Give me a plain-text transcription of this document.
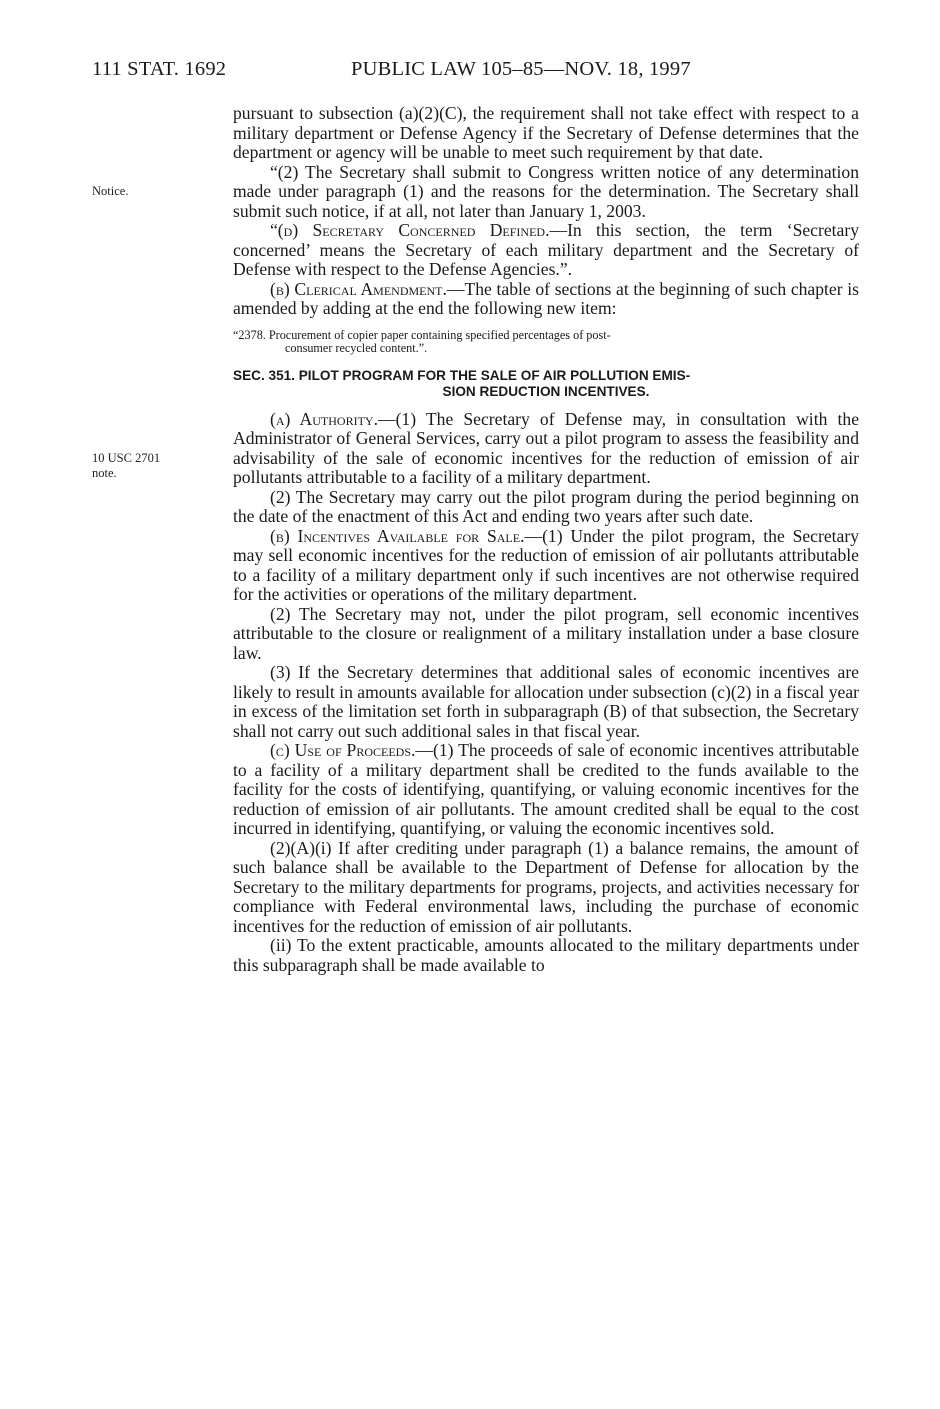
111 STAT. 1692	PUBLIC LAW 105–85—NOV. 18, 1997
Notice.
10 USC 2701
note.

pursuant to subsection (a)(2)(C), the requirement shall not take effect with respect to a military department or Defense Agency if the Secretary of Defense determines that the department or agency will be unable to meet such requirement by that date.

“(2) The Secretary shall submit to Congress written notice of any determination made under paragraph (1) and the reasons for the determination. The Secretary shall submit such notice, if at all, not later than January 1, 2003.

“(d) Secretary Concerned Defined.—In this section, the term ‘Secretary concerned’ means the Secretary of each military department and the Secretary of Defense with respect to the Defense Agencies.”.

(b) Clerical Amendment.—The table of sections at the beginning of such chapter is amended by adding at the end the following new item:

“2378. Procurement of copier paper containing specified percentages of post-
consumer recycled content.”.
SEC. 351. PILOT PROGRAM FOR THE SALE OF AIR POLLUTION EMIS-
SION REDUCTION INCENTIVES.

(a) Authority.—(1) The Secretary of Defense may, in consultation with the Administrator of General Services, carry out a pilot program to assess the feasibility and advisability of the sale of economic incentives for the reduction of emission of air pollutants attributable to a facility of a military department.

(2) The Secretary may carry out the pilot program during the period beginning on the date of the enactment of this Act and ending two years after such date.

(b) Incentives Available for Sale.—(1) Under the pilot program, the Secretary may sell economic incentives for the reduction of emission of air pollutants attributable to a facility of a military department only if such incentives are not otherwise required for the activities or operations of the military department.

(2) The Secretary may not, under the pilot program, sell economic incentives attributable to the closure or realignment of a military installation under a base closure law.

(3) If the Secretary determines that additional sales of economic incentives are likely to result in amounts available for allocation under subsection (c)(2) in a fiscal year in excess of the limitation set forth in subparagraph (B) of that subsection, the Secretary shall not carry out such additional sales in that fiscal year.

(c) Use of Proceeds.—(1) The proceeds of sale of economic incentives attributable to a facility of a military department shall be credited to the funds available to the facility for the costs of identifying, quantifying, or valuing economic incentives for the reduction of emission of air pollutants. The amount credited shall be equal to the cost incurred in identifying, quantifying, or valuing the economic incentives sold.

(2)(A)(i) If after crediting under paragraph (1) a balance remains, the amount of such balance shall be available to the Department of Defense for allocation by the Secretary to the military departments for programs, projects, and activities necessary for compliance with Federal environmental laws, including the purchase of economic incentives for the reduction of emission of air pollutants.

(ii) To the extent practicable, amounts allocated to the military departments under this subparagraph shall be made available to
